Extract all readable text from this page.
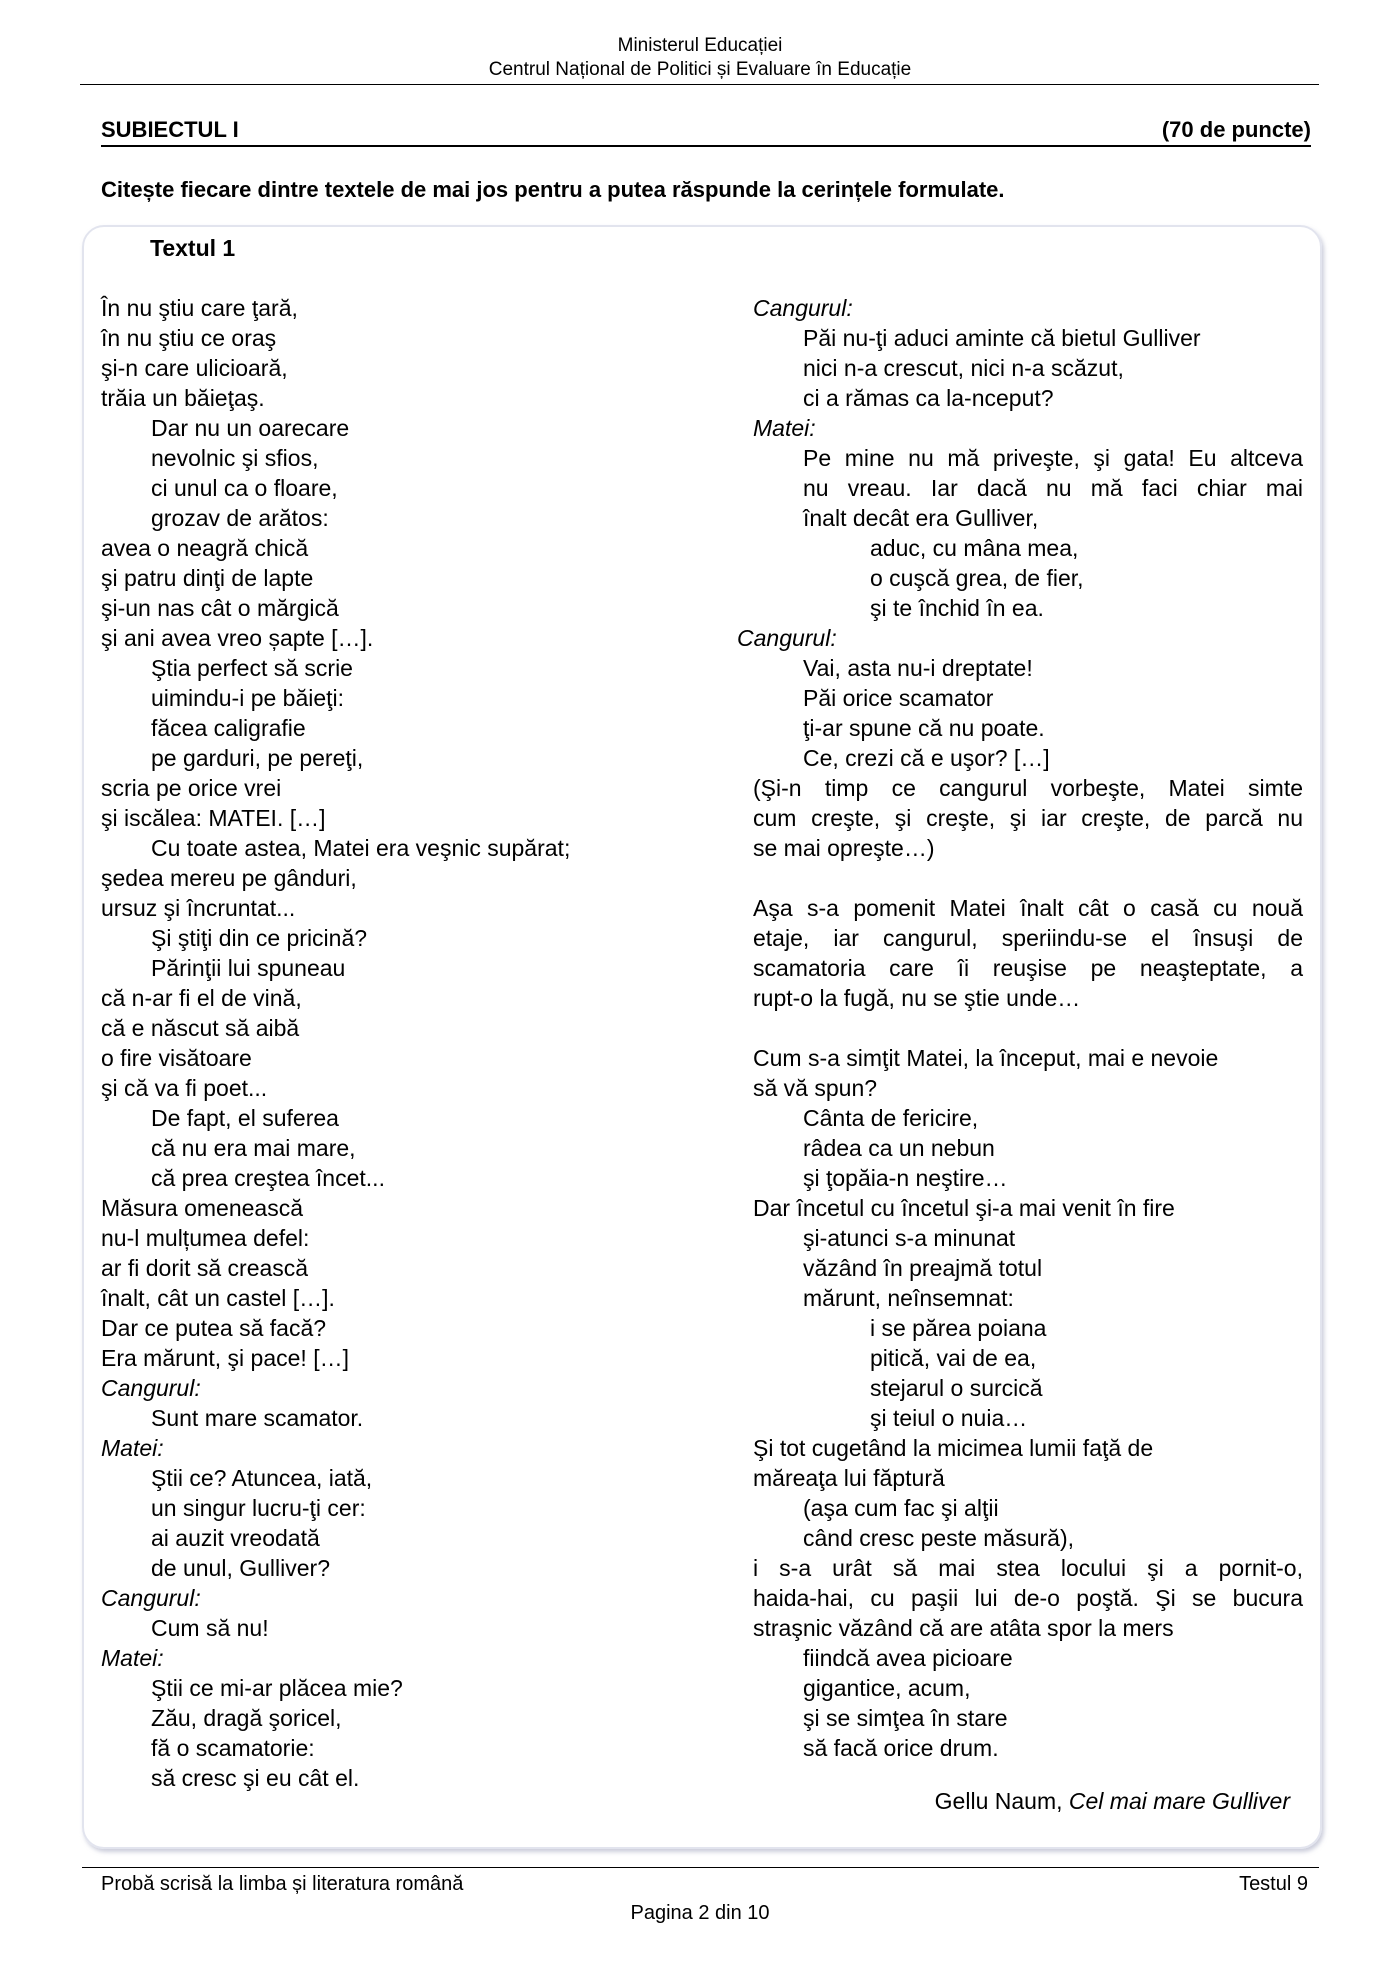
Ministerul Educației
Centrul Național de Politici și Evaluare în Educație
SUBIECTUL I	(70 de puncte)
Citește fiecare dintre textele de mai jos pentru a putea răspunde la cerințele formulate.
Textul 1
În nu ştiu care ţară,
în nu ştiu ce oraş
şi-n care ulicioară,
trăia un băieţaş.
Dar nu un oarecare
nevolnic şi sfios,
ci unul ca o floare,
grozav de arătos:
avea o neagră chică
şi patru dinţi de lapte
şi-un nas cât o mărgică
şi ani avea vreo șapte […].
Ştia perfect să scrie
uimindu-i pe băieţi:
făcea caligrafie
pe garduri, pe pereţi,
scria pe orice vrei
şi iscălea: MATEI. […]
Cu toate astea, Matei era veşnic supărat;
şedea mereu pe gânduri,
ursuz şi încruntat...
Şi ştiţi din ce pricină?
Părinţii lui spuneau
că n-ar fi el de vină,
că e născut să aibă
o fire visătoare
şi că va fi poet...
De fapt, el suferea
că nu era mai mare,
că prea creştea încet...
Măsura omenească
nu-l mulțumea defel:
ar fi dorit să crească
înalt, cât un castel […].
Dar ce putea să facă?
Era mărunt, şi pace! […]
Cangurul:
Sunt mare scamator.
Matei:
Ştii ce? Atuncea, iată,
un singur lucru-ţi cer:
ai auzit vreodată
de unul, Gulliver?
Cangurul:
Cum să nu!
Matei:
Ştii ce mi-ar plăcea mie?
Zău, dragă şoricel,
fă o scamatorie:
să cresc şi eu cât el.
Cangurul:
Păi nu-ţi aduci aminte că bietul Gulliver
nici n-a crescut, nici n-a scăzut,
ci a rămas ca la-nceput?
Matei:
Pe mine nu mă priveşte, şi gata! Eu altceva
nu vreau. Iar dacă nu mă faci chiar mai
înalt decât era Gulliver,
aduc, cu mâna mea,
o cuşcă grea, de fier,
şi te închid în ea.
Cangurul:
Vai, asta nu-i dreptate!
Păi orice scamator
ţi-ar spune că nu poate.
Ce, crezi că e uşor? […]
(Şi-n timp ce cangurul vorbeşte, Matei simte
cum creşte, şi creşte, şi iar creşte, de parcă nu
se mai opreşte…)
Aşa s-a pomenit Matei înalt cât o casă cu nouă
etaje, iar cangurul, speriindu-se el însuşi de
scamatoria care îi reuşise pe neaşteptate, a
rupt-o la fugă, nu se ştie unde…
Cum s-a simţit Matei, la început, mai e nevoie
să vă spun?
Cânta de fericire,
râdea ca un nebun
şi ţopăia-n neştire…
Dar încetul cu încetul şi-a mai venit în fire
şi-atunci s-a minunat
văzând în preajmă totul
mărunt, neînsemnat:
i se părea poiana
pitică, vai de ea,
stejarul o surcică
şi teiul o nuia…
Şi tot cugetând la micimea lumii faţă de
măreaţa lui făptură
(aşa cum fac şi alţii
când cresc peste măsură),
i s-a urât să mai stea locului şi a pornit-o,
haida-hai, cu paşii lui de-o poştă. Şi se bucura
straşnic văzând că are atâta spor la mers
fiindcă avea picioare
gigantice, acum,
şi se simţea în stare
să facă orice drum.
Gellu Naum, Cel mai mare Gulliver
Probă scrisă la limba și literatura română	Testul 9
Pagina 2 din 10
